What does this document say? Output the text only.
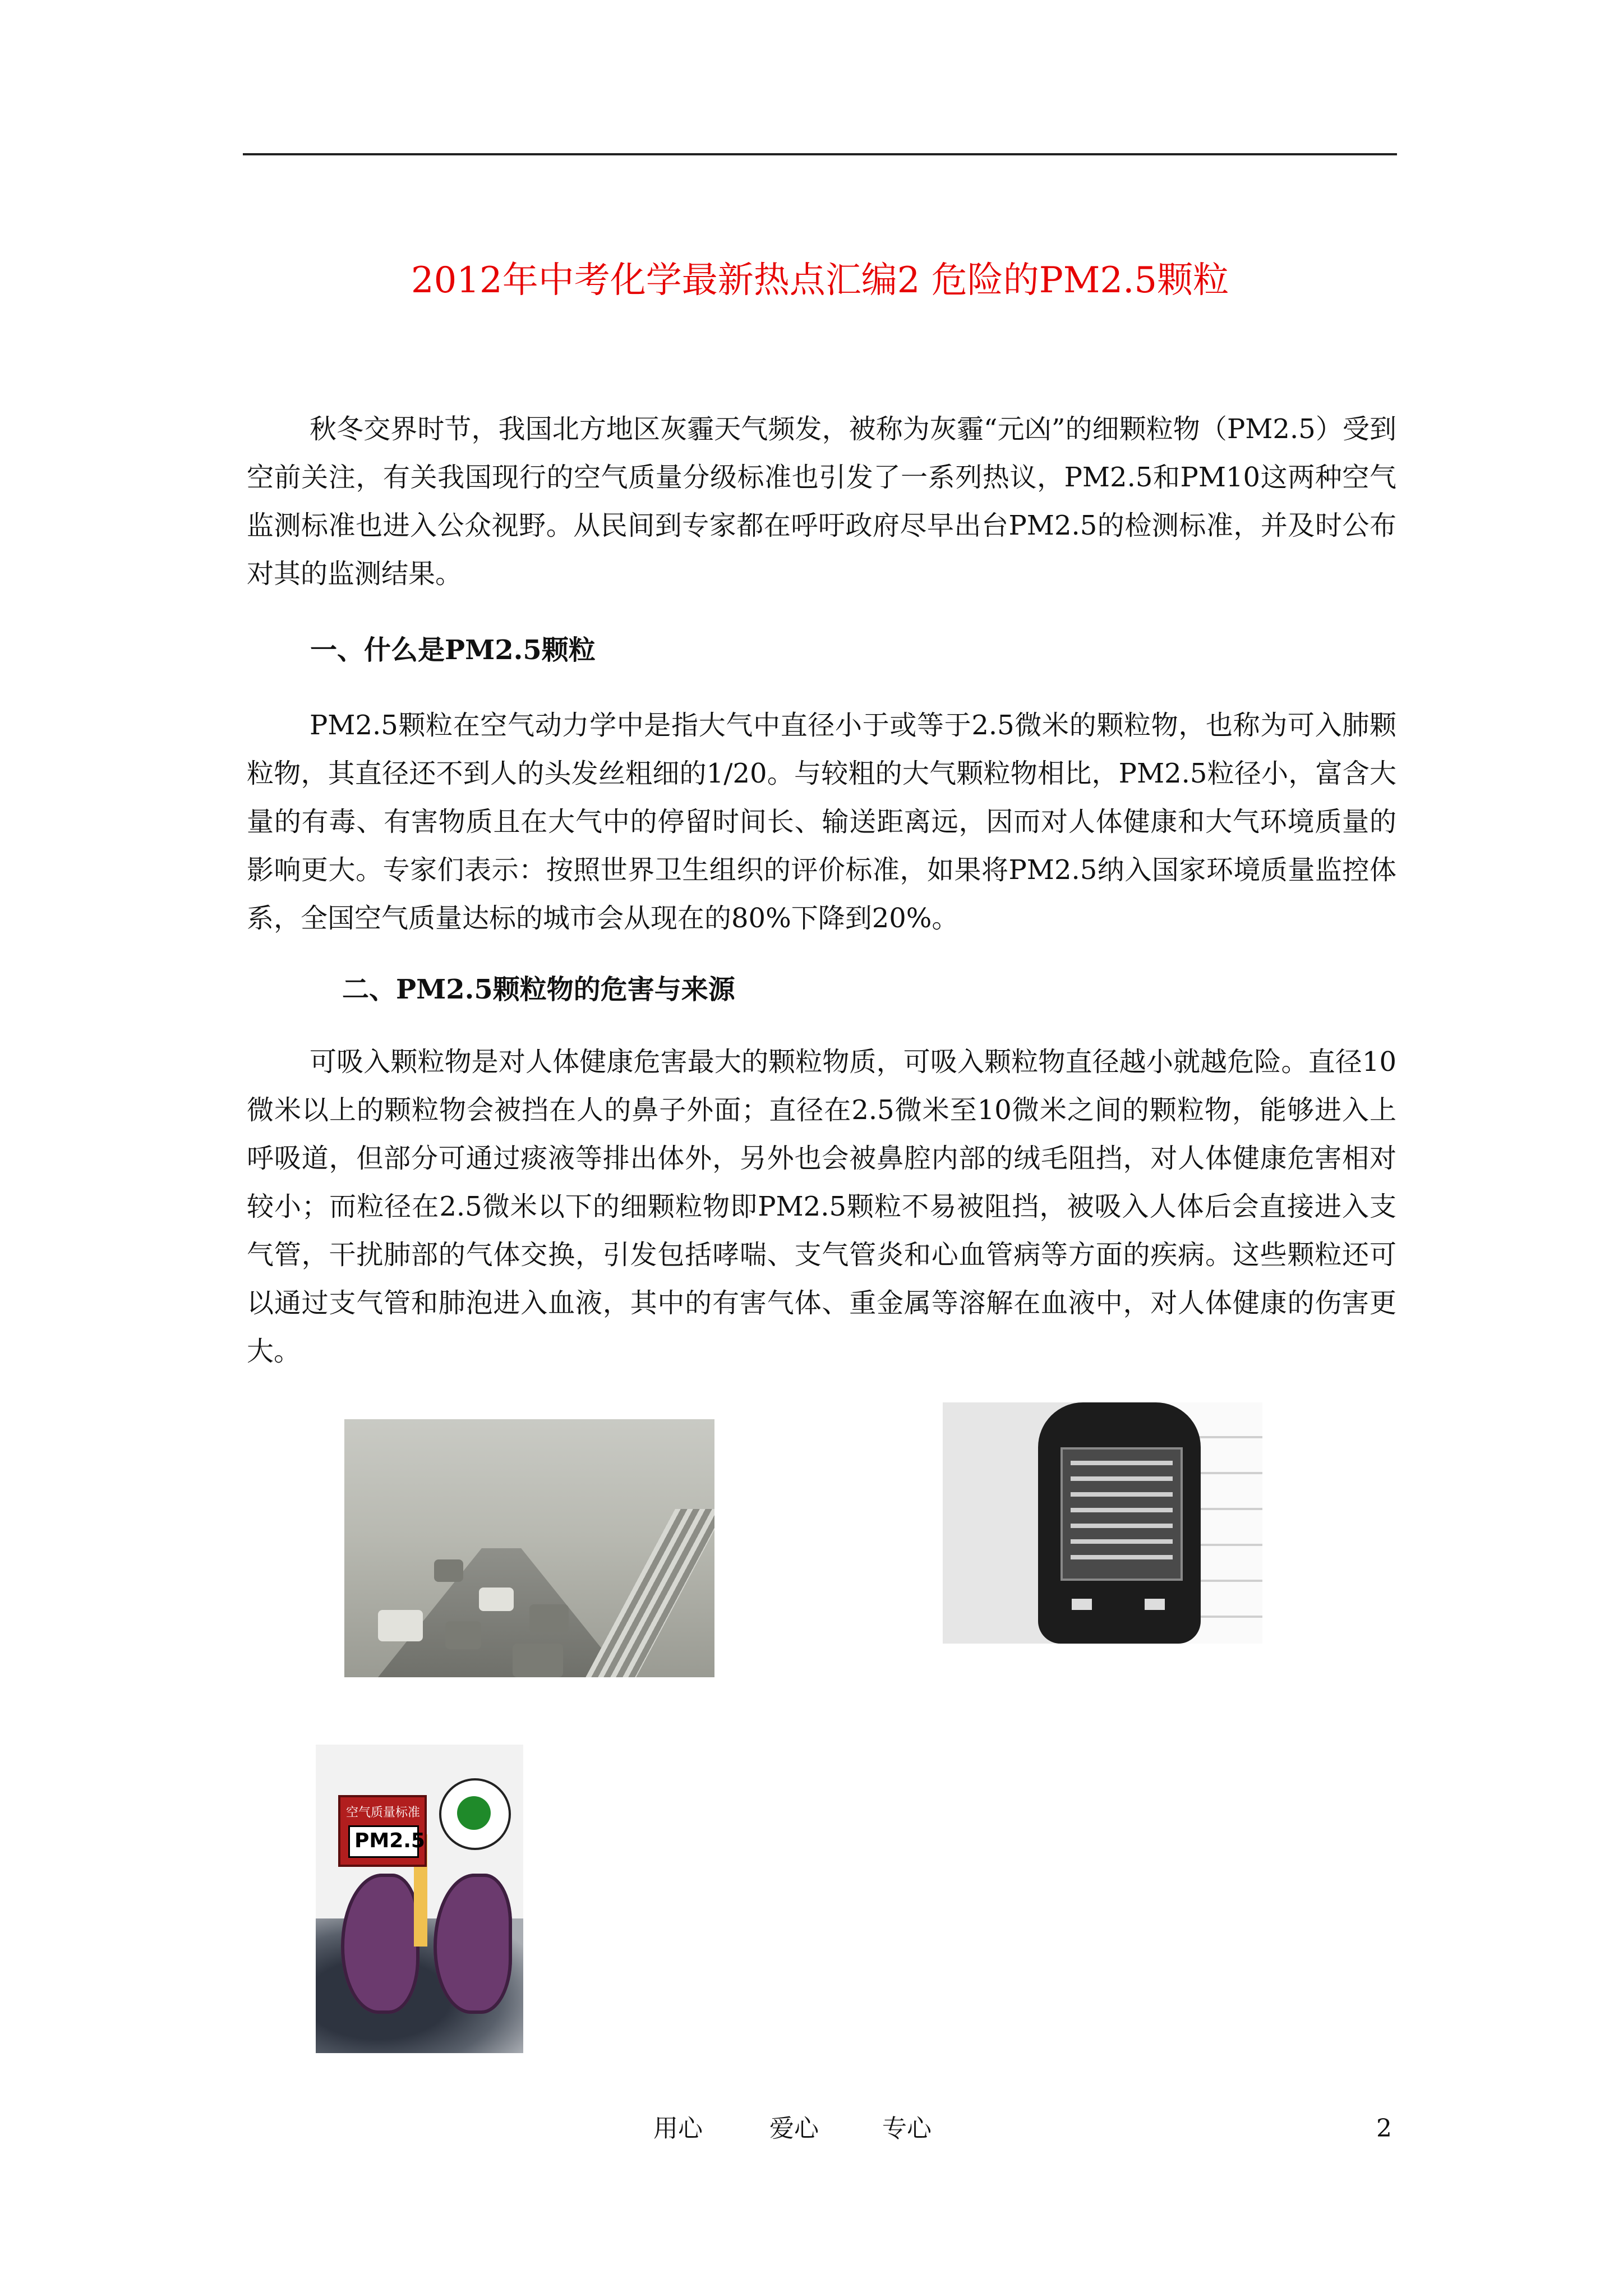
2012年中考化学最新热点汇编2 危险的PM2.5颗粒

秋冬交界时节，我国北方地区灰霾天气频发，被称为灰霾“元凶”的细颗粒物（PM2.5）受到空前关注，有关我国现行的空气质量分级标准也引发了一系列热议，PM2.5和PM10这两种空气监测标准也进入公众视野。从民间到专家都在呼吁政府尽早出台PM2.5的检测标准，并及时公布对其的监测结果。

一、什么是PM2.5颗粒

PM2.5颗粒在空气动力学中是指大气中直径小于或等于2.5微米的颗粒物，也称为可入肺颗粒物，其直径还不到人的头发丝粗细的1/20。与较粗的大气颗粒物相比，PM2.5粒径小，富含大量的有毒、有害物质且在大气中的停留时间长、输送距离远，因而对人体健康和大气环境质量的影响更大。专家们表示：按照世界卫生组织的评价标准，如果将PM2.5纳入国家环境质量监控体系，全国空气质量达标的城市会从现在的80%下降到20%。

二、PM2.5颗粒物的危害与来源

可吸入颗粒物是对人体健康危害最大的颗粒物质，可吸入颗粒物直径越小就越危险。直径10微米以上的颗粒物会被挡在人的鼻子外面；直径在2.5微米至10微米之间的颗粒物，能够进入上呼吸道，但部分可通过痰液等排出体外，另外也会被鼻腔内部的绒毛阻挡，对人体健康危害相对较小；而粒径在2.5微米以下的细颗粒物即PM2.5颗粒不易被阻挡，被吸入人体后会直接进入支气管，干扰肺部的气体交换，引发包括哮喘、支气管炎和心血管病等方面的疾病。这些颗粒还可以通过支气管和肺泡进入血液，其中的有害气体、重金属等溶解在血液中，对人体健康的伤害更大。

空气质量标准
PM2.5
用心	爱心	专心	2
